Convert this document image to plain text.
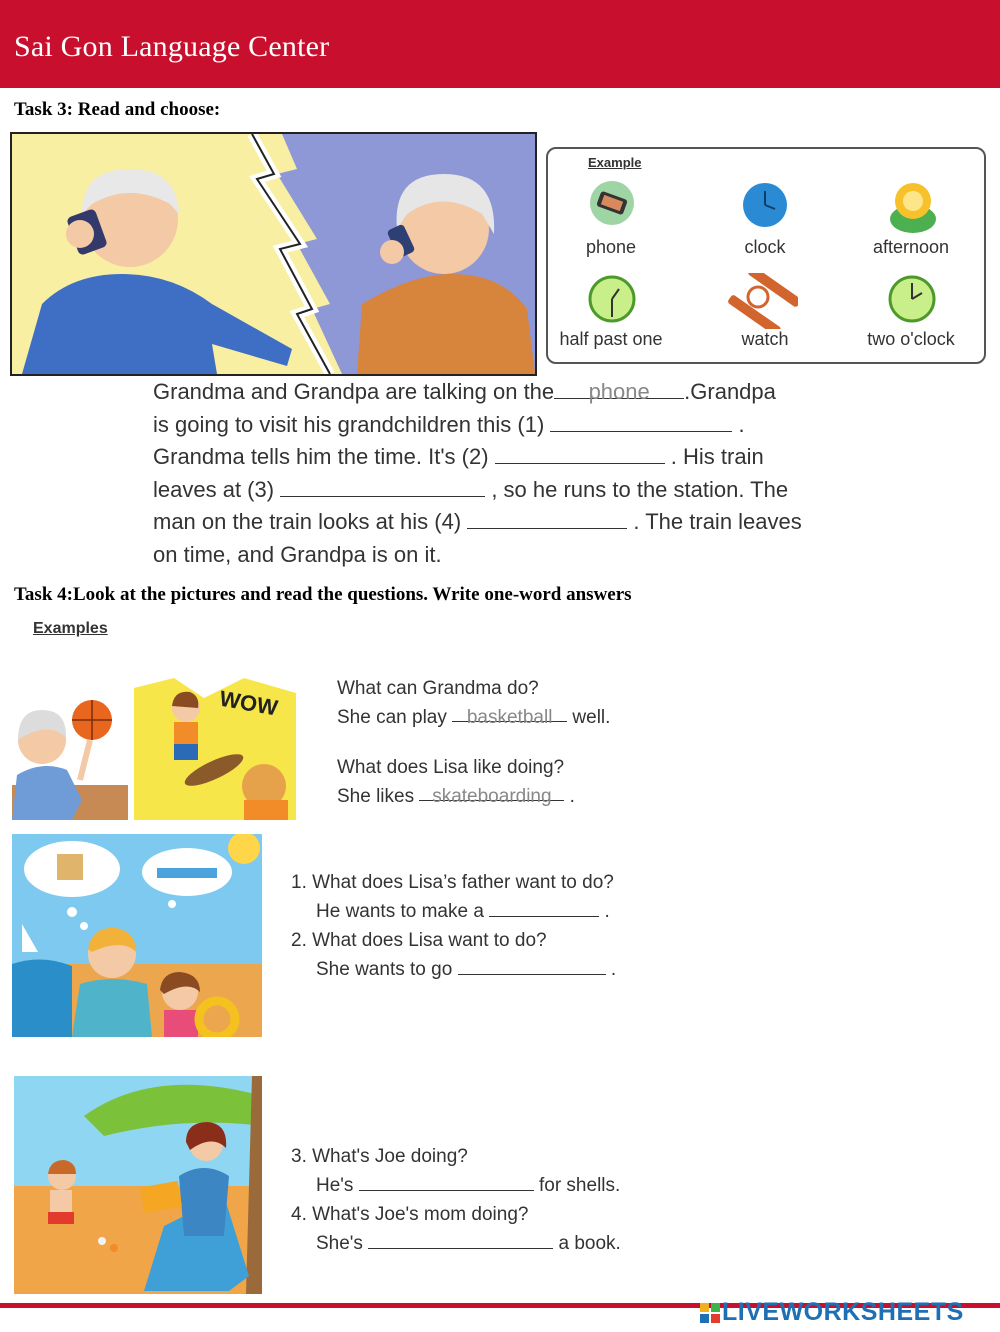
Sai Gon Language Center
Task 3: Read and choose:
Example
phone	clock	afternoon
half past one	watch	two o'clock
Grandma and Grandpa are talking on the phone .Grandpa
is going to visit his grandchildren this (1)	.
Grandma tells him the time. It's (2)	. His train
leaves at (3)	, so he runs to the station. The
man on the train looks at his (4)	. The train leaves
on time, and Grandpa is on it.
Task 4:Look at the pictures and read the questions. Write one-word answers
Examples
WOW	What can Grandma do?
She can play basketball well.
What does Lisa like doing?
She likes skateboarding .
1. What does Lisa’s father want to do?
He wants to make a	.
2. What does Lisa want to do?
She wants to go	.
3. What's Joe doing?
He's	for shells.
4. What's Joe's mom doing?
She's	a book.
LIVEWORKSHEETS
